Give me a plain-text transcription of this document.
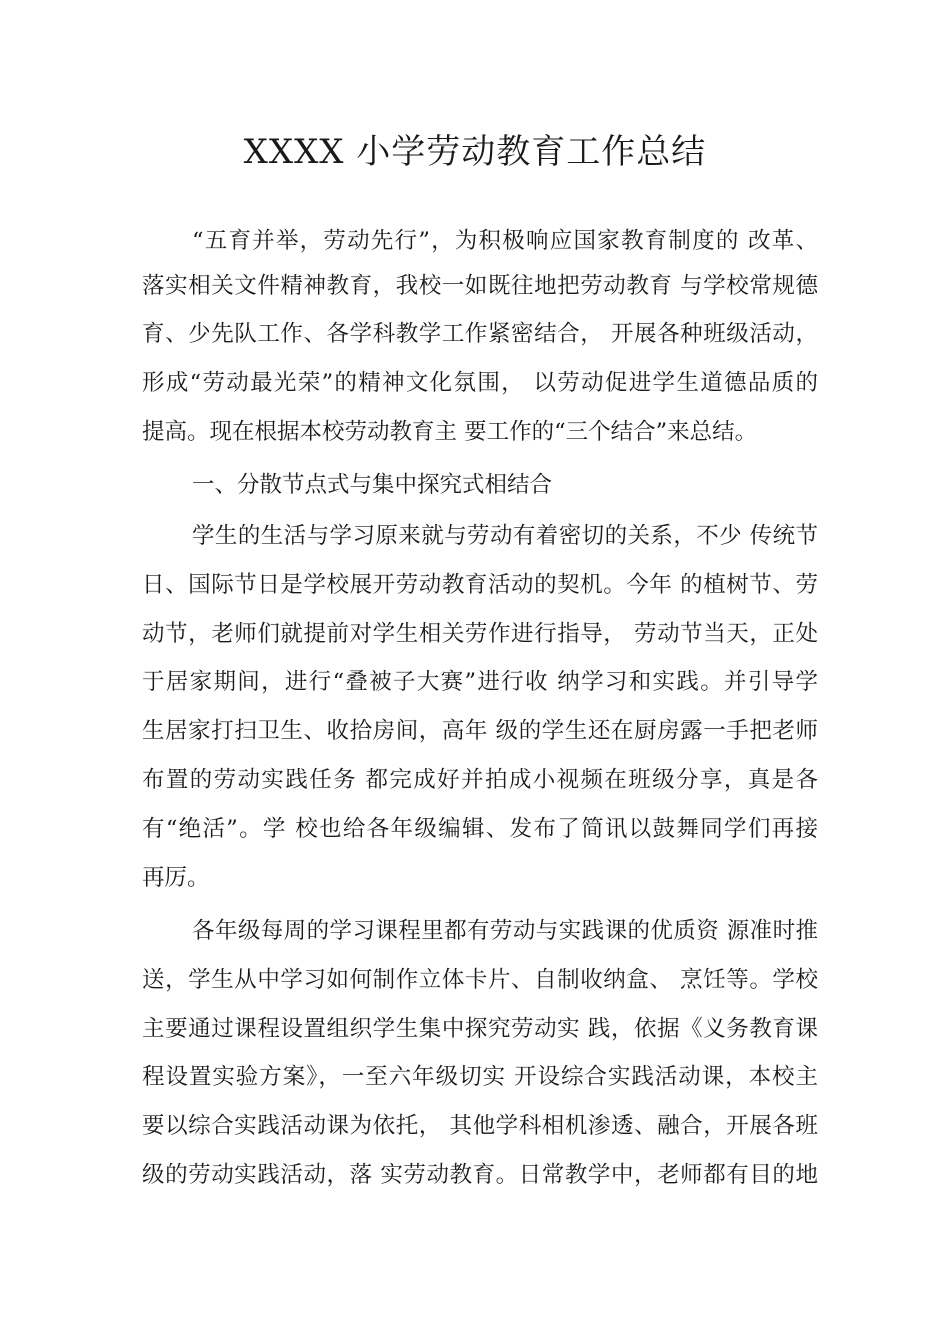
XXXX 小学劳动教育工作总结
“五育并举，劳动先行”，为积极响应国家教育制度的 改革、
落实相关文件精神教育，我校一如既往地把劳动教育 与学校常规德
育、少先队工作、各学科教学工作紧密结合， 开展各种班级活动，
形成“劳动最光荣”的精神文化氛围， 以劳动促进学生道德品质的
提高。现在根据本校劳动教育主 要工作的“三个结合”来总结。
一、分散节点式与集中探究式相结合
学生的生活与学习原来就与劳动有着密切的关系，不少 传统节
日、国际节日是学校展开劳动教育活动的契机。今年 的植树节、劳
动节，老师们就提前对学生相关劳作进行指导， 劳动节当天，正处
于居家期间，进行“叠被子大赛”进行收 纳学习和实践。并引导学
生居家打扫卫生、收拾房间，高年 级的学生还在厨房露一手把老师
布置的劳动实践任务 都完成好并拍成小视频在班级分享，真是各
有“绝活”。学 校也给各年级编辑、发布了简讯以鼓舞同学们再接
再厉。
各年级每周的学习课程里都有劳动与实践课的优质资 源准时推
送，学生从中学习如何制作立体卡片、自制收纳盒、 烹饪等。学校
主要通过课程设置组织学生集中探究劳动实 践，依据《义务教育课
程设置实验方案》，一至六年级切实 开设综合实践活动课，本校主
要以综合实践活动课为依托， 其他学科相机渗透、融合，开展各班
级的劳动实践活动，落 实劳动教育。日常教学中，老师都有目的地
